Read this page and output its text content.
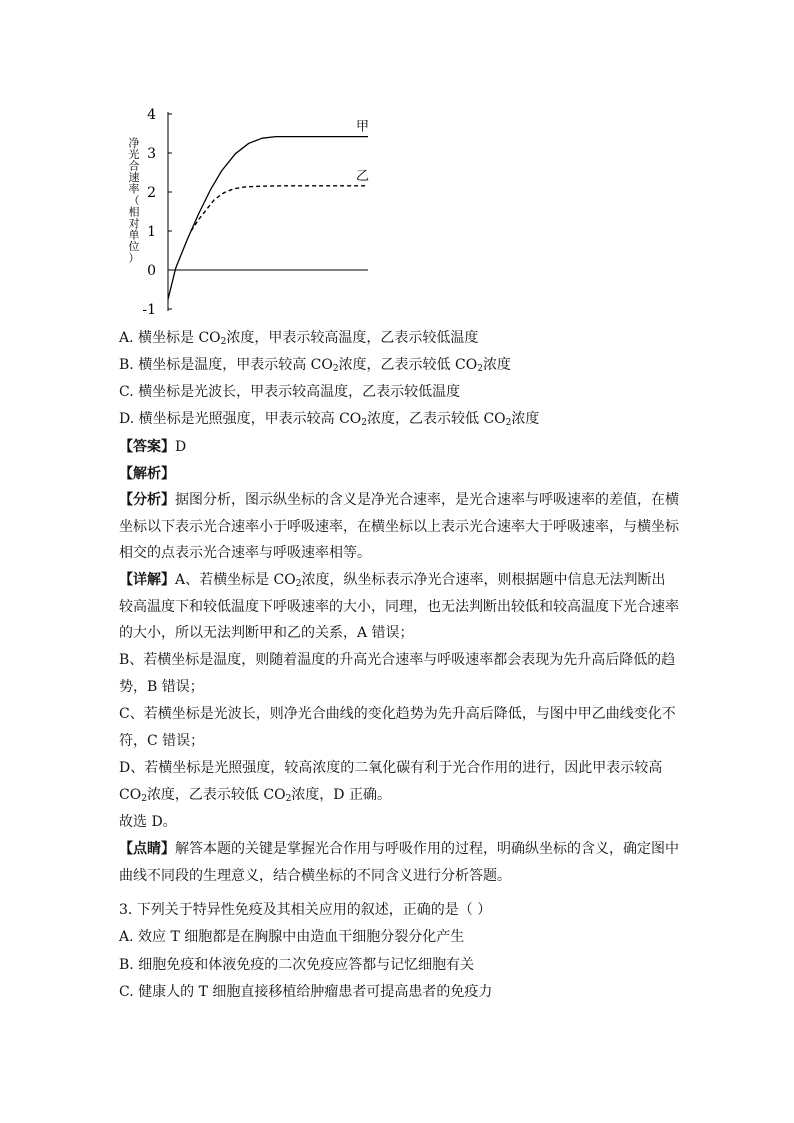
4
3
2
1
0
-1
净
光
合
速
率
（
相
对
单
位
）
甲
乙
A. 横坐标是 $CO_2$浓度，甲表示较高温度，乙表示较低温度
B. 横坐标是温度，甲表示较高 $CO_2$浓度，乙表示较低 $CO_2$浓度
C. 横坐标是光波长，甲表示较高温度，乙表示较低温度
D. 横坐标是光照强度，甲表示较高 $CO_2$浓度，乙表示较低 $CO_2$浓度
【答案】D
【解析】
【分析】据图分析，图示纵坐标的含义是净光合速率，是光合速率与呼吸速率的差值，在横坐标以下表示光合速率小于呼吸速率，在横坐标以上表示光合速率大于呼吸速率，与横坐标相交的点表示光合速率与呼吸速率相等。
【详解】A、若横坐标是 $CO_2$浓度，纵坐标表示净光合速率，则根据题中信息无法判断出较高温度下和较低温度下呼吸速率的大小，同理，也无法判断出较低和较高温度下光合速率的大小，所以无法判断甲和乙的关系，A 错误；
B、若横坐标是温度，则随着温度的升高光合速率与呼吸速率都会表现为先升高后降低的趋势，B 错误；
C、若横坐标是光波长，则净光合曲线的变化趋势为先升高后降低，与图中甲乙曲线变化不符，C 错误；
D、若横坐标是光照强度，较高浓度的二氧化碳有利于光合作用的进行，因此甲表示较高
$CO_2$浓度，乙表示较低 $CO_2$浓度，D 正确。
故选 D。
【点睛】解答本题的关键是掌握光合作用与呼吸作用的过程，明确纵坐标的含义，确定图中曲线不同段的生理意义，结合横坐标的不同含义进行分析答题。
3. 下列关于特异性免疫及其相关应用的叙述，正确的是（ ）
A. 效应 T 细胞都是在胸腺中由造血干细胞分裂分化产生
B. 细胞免疫和体液免疫的二次免疫应答都与记忆细胞有关
C. 健康人的 T 细胞直接移植给肿瘤患者可提高患者的免疫力
